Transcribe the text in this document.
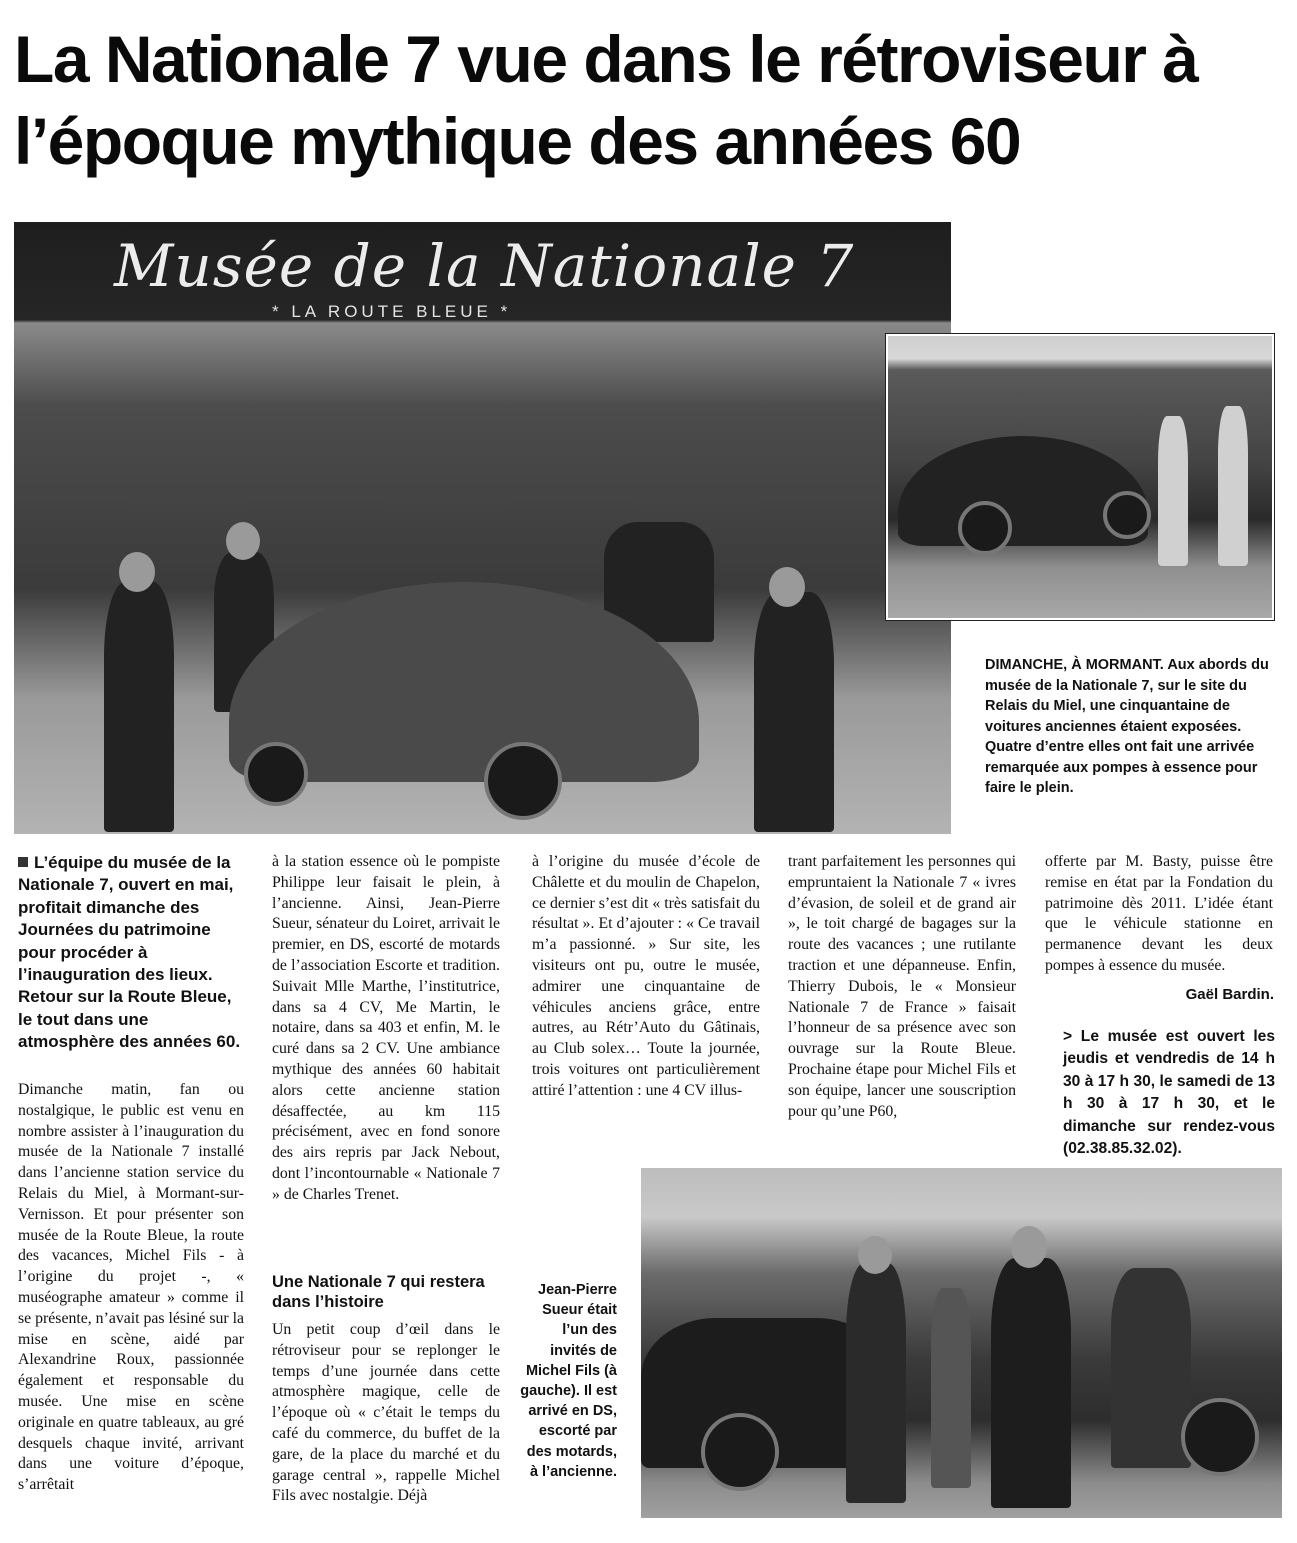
La Nationale 7 vue dans le rétroviseur à l’époque mythique des années 60
Musée de la Nationale 7
* LA ROUTE BLEUE *
DIMANCHE, À MORMANT. Aux abords du musée de la Nationale 7, sur le site du Relais du Miel, une cinquantaine de voitures anciennes étaient exposées. Quatre d’entre elles ont fait une arrivée remarquée aux pompes à essence pour faire le plein.

L’équipe du musée de la Nationale 7, ouvert en mai, profitait dimanche des Journées du patrimoine pour procéder à l’inauguration des lieux. Retour sur la Route Bleue, le tout dans une atmosphère des années 60.

Dimanche matin, fan ou nostalgique, le public est venu en nombre assister à l’inauguration du musée de la Nationale 7 installé dans l’ancienne station service du Relais du Miel, à Mormant-sur-Vernisson. Et pour présenter son musée de la Route Bleue, la route des vacances, Michel Fils - à l’origine du projet -, « muséographe amateur » comme il se présente, n’avait pas lésiné sur la mise en scène, aidé par Alexandrine Roux, passionnée également et responsable du musée. Une mise en scène originale en quatre tableaux, au gré desquels chaque invité, arrivant dans une voiture d’époque, s’arrêtait

à la station essence où le pompiste Philippe leur faisait le plein, à l’ancienne. Ainsi, Jean-Pierre Sueur, sénateur du Loiret, arrivait le premier, en DS, escorté de motards de l’association Escorte et tradition. Suivait Mlle Marthe, l’institutrice, dans sa 4 CV, Me Martin, le notaire, dans sa 403 et enfin, M. le curé dans sa 2 CV. Une ambiance mythique des années 60 habitait alors cette ancienne station désaffectée, au km 115 précisément, avec en fond sonore des airs repris par Jack Nebout, dont l’incontournable « Nationale 7 » de Charles Trenet.

Une Nationale 7 qui restera dans l’histoire

Un petit coup d’œil dans le rétroviseur pour se replonger le temps d’une journée dans cette atmosphère magique, celle de l’époque où « c’était le temps du café du commerce, du buffet de la gare, de la place du marché et du garage central », rappelle Michel Fils avec nostalgie. Déjà

à l’origine du musée d’école de Châlette et du moulin de Chapelon, ce dernier s’est dit « très satisfait du résultat ». Et d’ajouter : « Ce travail m’a passionné. » Sur site, les visiteurs ont pu, outre le musée, admirer une cinquantaine de véhicules anciens grâce, entre autres, au Rétr’Auto du Gâtinais, au Club solex… Toute la journée, trois voitures ont particulièrement attiré l’attention : une 4 CV illus-

trant parfaitement les personnes qui empruntaient la Nationale 7 « ivres d’évasion, de soleil et de grand air », le toit chargé de bagages sur la route des vacances ; une rutilante traction et une dépanneuse. Enfin, Thierry Dubois, le « Monsieur Nationale 7 de France » faisait l’honneur de sa présence avec son ouvrage sur la Route Bleue. Prochaine étape pour Michel Fils et son équipe, lancer une souscription pour qu’une P60,

offerte par M. Basty, puisse être remise en état par la Fondation du patrimoine dès 2011. L’idée étant que le véhicule stationne en permanence devant les deux pompes à essence du musée.

Gaël Bardin.

> Le musée est ouvert les jeudis et vendredis de 14 h 30 à 17 h 30, le samedi de 13 h 30 à 17 h 30, et le dimanche sur rendez-vous (02.38.85.32.02).

Jean-Pierre Sueur était l’un des invités de Michel Fils (à gauche). Il est arrivé en DS, escorté par des motards, à l’ancienne.
